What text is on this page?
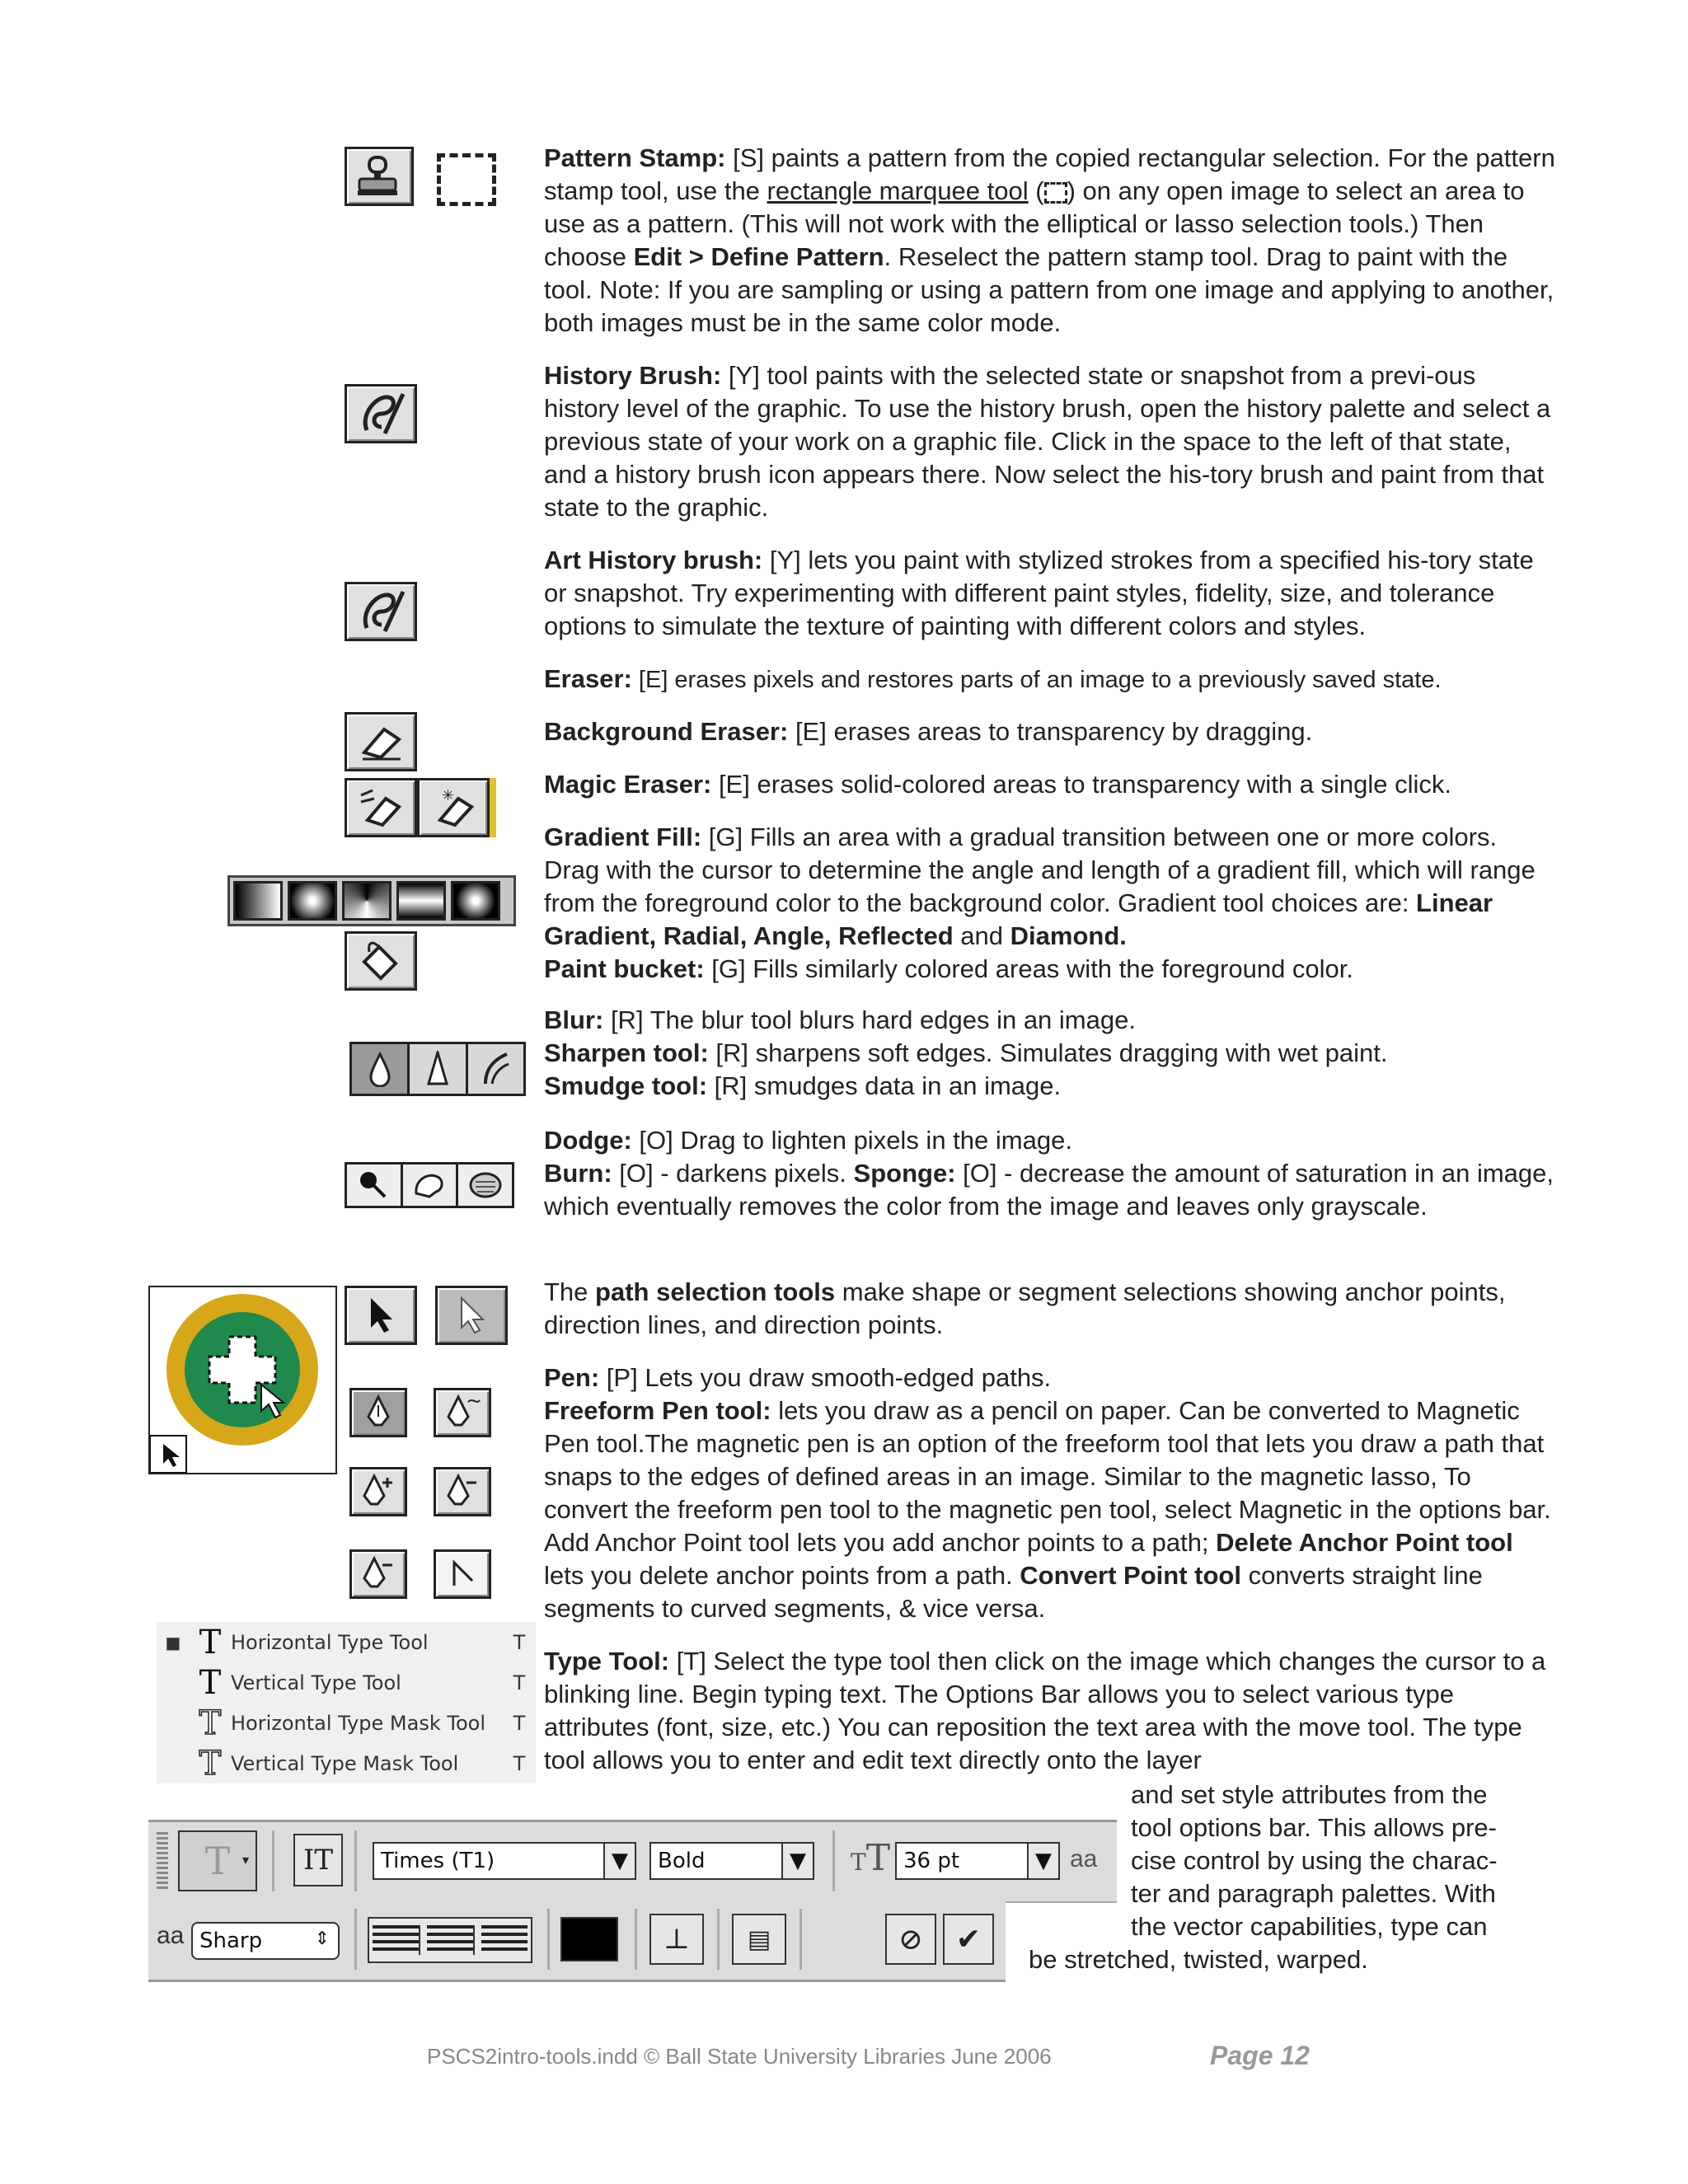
✳
■ T Horizontal Type Tool	T
T Vertical Type Tool	T
T Horizontal Type Mask Tool	T
T Vertical Type Mask Tool	T
T ▾ IT	Times (T1)	▼	Bold	▼ TT 36 pt	▼ aa
aa Sharp	⇕	⊥ ▤	⊘ ✔
Pattern Stamp: [S] paints a pattern from the copied rectangular selection. For the pattern stamp tool, use the rectangle marquee tool ( ) on any open image to select an area to use as a pattern. (This will not work with the elliptical or lasso selection tools.) Then choose Edit > Define Pattern. Reselect the pattern stamp tool. Drag to paint with the tool. Note: If you are sampling or using a pattern from one image and applying to another, both images must be in the same color mode.
History Brush: [Y] tool paints with the selected state or snapshot from a previ-ous history level of the graphic. To use the history brush, open the history palette and select a previous state of your work on a graphic file. Click in the space to the left of that state, and a history brush icon appears there. Now select the his-tory brush and paint from that state to the graphic.
Art History brush: [Y] lets you paint with stylized strokes from a specified his-tory state or snapshot. Try experimenting with different paint styles, fidelity, size, and tolerance options to simulate the texture of painting with different colors and styles.
Eraser: [E] erases pixels and restores parts of an image to a previously saved state.
Background Eraser: [E] erases areas to transparency by dragging.
Magic Eraser: [E] erases solid-colored areas to transparency with a single click.
Gradient Fill: [G] Fills an area with a gradual transition between one or more colors. Drag with the cursor to determine the angle and length of a gradient fill, which will range from the foreground color to the background color. Gradient tool choices are: Linear Gradient, Radial, Angle, Reflected and Diamond.
Paint bucket: [G] Fills similarly colored areas with the foreground color.
Blur: [R] The blur tool blurs hard edges in an image.
Sharpen tool: [R] sharpens soft edges. Simulates dragging with wet paint.
Smudge tool: [R] smudges data in an image.
Dodge: [O] Drag to lighten pixels in the image.
Burn: [O] - darkens pixels. Sponge: [O] - decrease the amount of saturation in an image, which eventually removes the color from the image and leaves only grayscale.
The path selection tools make shape or segment selections showing anchor points, direction lines, and direction points.
Pen: [P] Lets you draw smooth-edged paths.
Freeform Pen tool: lets you draw as a pencil on paper. Can be converted to Magnetic Pen tool.The magnetic pen is an option of the freeform tool that lets you draw a path that snaps to the edges of defined areas in an image. Similar to the magnetic lasso, To convert the freeform pen tool to the magnetic pen tool, select Magnetic in the options bar. Add Anchor Point tool lets you add anchor points to a path; Delete Anchor Point tool lets you delete anchor points from a path. Convert Point tool converts straight line segments to curved segments, & vice versa.
Type Tool: [T] Select the type tool then click on the image which changes the cursor to a blinking line. Begin typing text. The Options Bar allows you to select various type attributes (font, size, etc.) You can reposition the text area with the move tool. The type tool allows you to enter and edit text directly onto the layer
and set style attributes from the
tool options bar. This allows pre-
cise control by using the charac-
ter and paragraph palettes. With
the vector capabilities, type can
be stretched, twisted, warped.
PSCS2intro-tools.indd © Ball State University Libraries June 2006	Page 12
